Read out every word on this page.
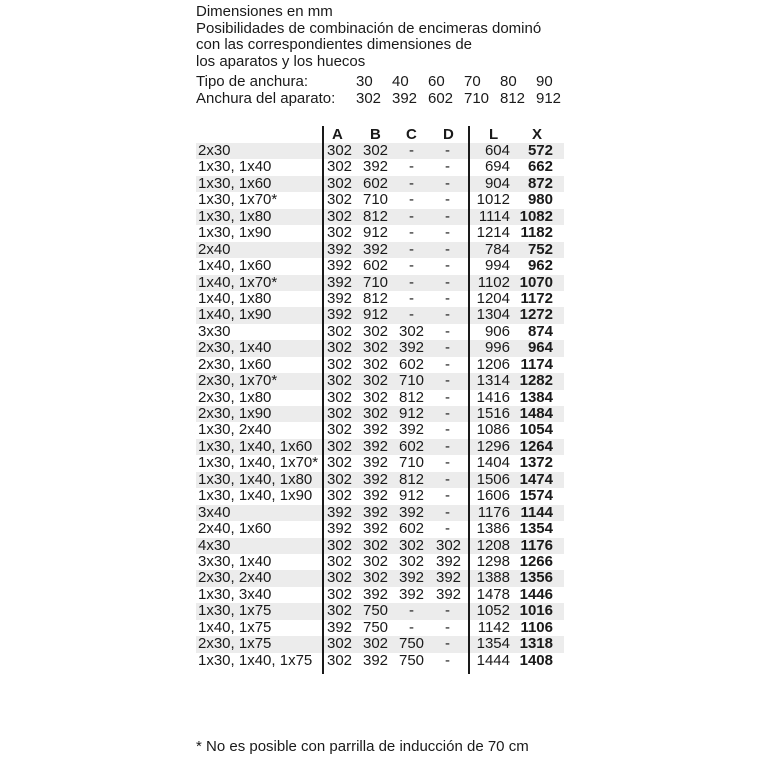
Dimensiones en mm
Posibilidades de combinación de encimeras dominó
con las correspondientes dimensiones de
los aparatos y los huecos
Tipo de anchura:	30	40	60	70	80	90
Anchura del aparato: 302 392 602 710 812 912
A B C D L X
2x30	302 302 -	-	604	572
1x30, 1x40	302 392 -	-	694	662
1x30, 1x60	302 602 -	-	904	872
1x30, 1x70*	302 710 -	-	1012	980
1x30, 1x80	302 812 -	-	1114 1082
1x30, 1x90	302 912 -	-	1214 1182
2x40	392 392 -	-	784	752
1x40, 1x60	392 602 -	-	994	962
1x40, 1x70*	392 710 -	-	1102 1070
1x40, 1x80	392 812 -	-	1204 1172
1x40, 1x90	392 912 -	-	1304 1272
3x30	302 302 302	-	906	874
2x30, 1x40	302 302 392	-	996	964
2x30, 1x60	302 302 602	-	1206 1174
2x30, 1x70*	302 302 710	-	1314 1282
2x30, 1x80	302 302 812	-	1416 1384
2x30, 1x90	302 302 912	-	1516 1484
1x30, 2x40	302 392 392	-	1086 1054
1x30, 1x40, 1x60 302 392 602	-	1296 1264
1x30, 1x40, 1x70* 302 392 710	-	1404 1372
1x30, 1x40, 1x80 302 392 812	-	1506 1474
1x30, 1x40, 1x90 302 392 912	-	1606 1574
3x40	392 392 392	-	1176 1144
2x40, 1x60	392 392 602	-	1386 1354
4x30	302 302 302 302	1208 1176
3x30, 1x40	302 302 302 392	1298 1266
2x30, 2x40	302 302 392 392	1388 1356
1x30, 3x40	302 392 392 392	1478 1446
1x30, 1x75	302 750 -	-	1052 1016
1x40, 1x75	392 750 -	-	1142 1106
2x30, 1x75	302 302 750	-	1354 1318
1x30, 1x40, 1x75 302 392 750	-	1444 1408
* No es posible con parrilla de inducción de 70 cm
